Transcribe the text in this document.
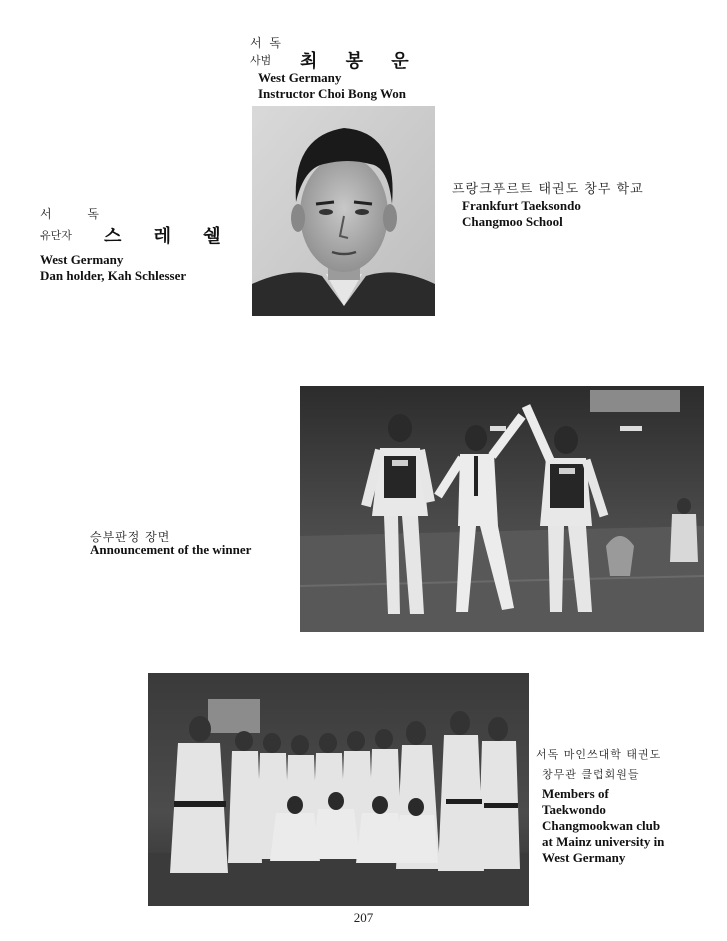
서 독
사범 최 봉 운
West Germany
Instructor Choi Bong Won
프랑크푸르트 태권도 창무 학교
Frankfurt Taeksondo
Changmoo School
서 독
유단자 스 레 쉘
West Germany
Dan holder, Kah Schlesser
승부판정 장면
Announcement of the winner
서독 마인쓰대학 태권도
창무관 클럽회원들
Members of
Taekwondo
Changmookwan club
at Mainz university in
West Germany
207
